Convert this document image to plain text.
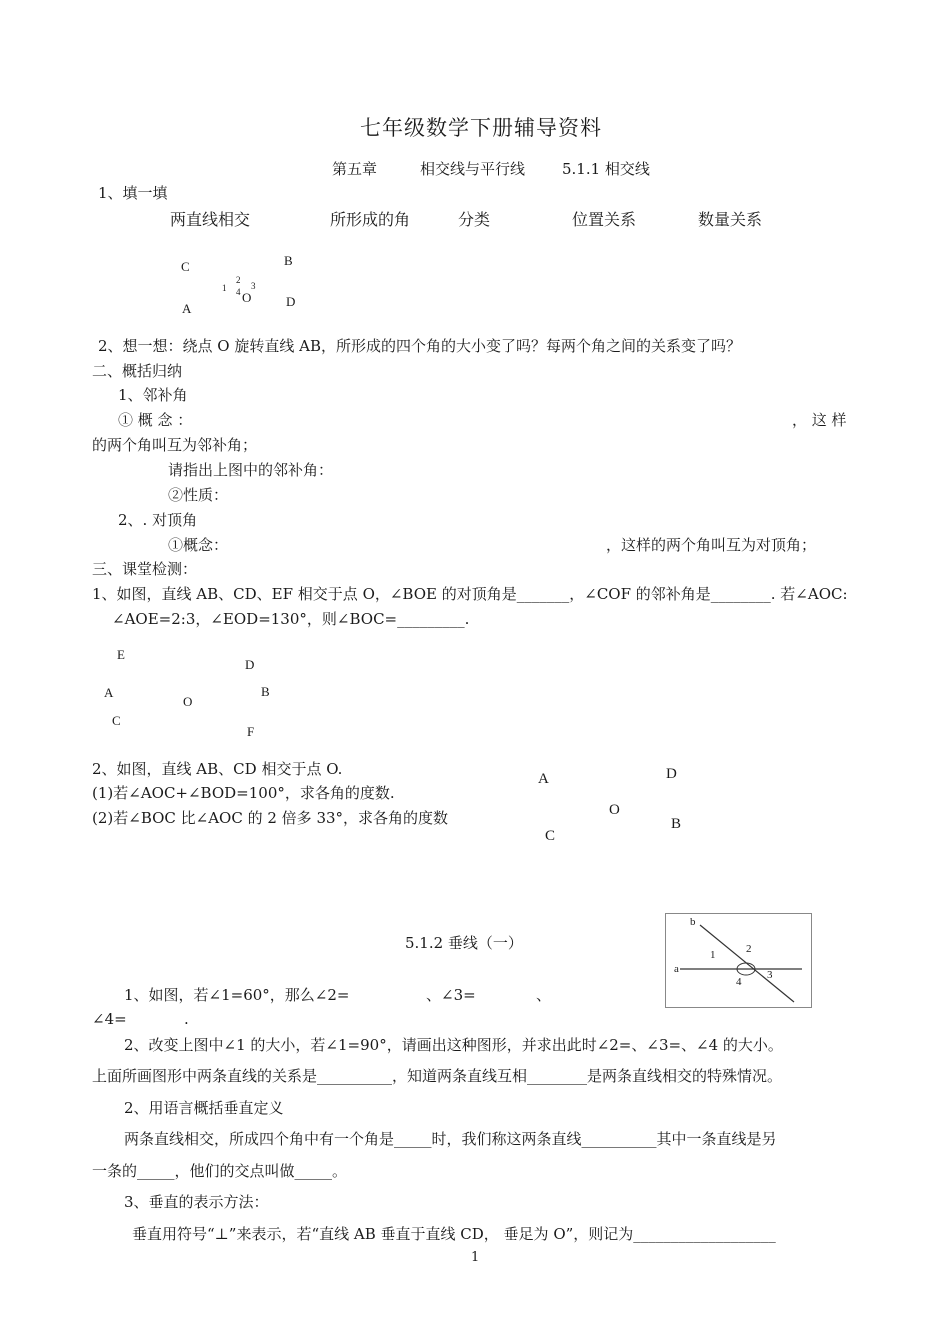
七年级数学下册辅导资料
第五章	相交线与平行线 5.1.1 相交线
1、填一填
两直线相交	所形成的角	分类	位置关系	数量关系
C	B
1
2
3
4 O
A	D
2、想一想：绕点 O 旋转直线 AB，所形成的四个角的大小变了吗？每两个角之间的关系变了吗？
二、概括归纳
1、邻补角
① 概 念 ：	， 这 样
的两个角叫互为邻补角；
请指出上图中的邻补角：
②性质：
2、. 对顶角
①概念：	，这样的两个角叫互为对顶角；
三、课堂检测：
1、如图，直线 AB、CD、EF 相交于点 O，∠BOE 的对顶角是_______，∠COF 的邻补角是________. 若∠AOC:
∠AOE=2:3，∠EOD=130°，则∠BOC=_________.
E
D
A	B
O
C
F
2、如图，直线 AB、CD 相交于点 O.
(1)若∠AOC+∠BOD=100°，求各角的度数.
(2)若∠BOC 比∠AOC 的 2 倍多 33°，求各角的度数
A	D
O
B
C
5.1.2 垂线（一）
b
a
1	2
3
4
1、如图，若∠1=60°，那么∠2=	、∠3=	、
∠4=	.
2、改变上图中∠1 的大小，若∠1=90°，请画出这种图形，并求出此时∠2=、∠3=、∠4 的大小。
上面所画图形中两条直线的关系是__________，知道两条直线互相________是两条直线相交的特殊情况。
2、用语言概括垂直定义
两条直线相交，所成四个角中有一个角是_____时，我们称这两条直线__________其中一条直线是另
一条的_____，他们的交点叫做_____。
3、垂直的表示方法：
垂直用符号“⊥”来表示，若“直线 AB 垂直于直线 CD， 垂足为 O”，则记为___________________
1
